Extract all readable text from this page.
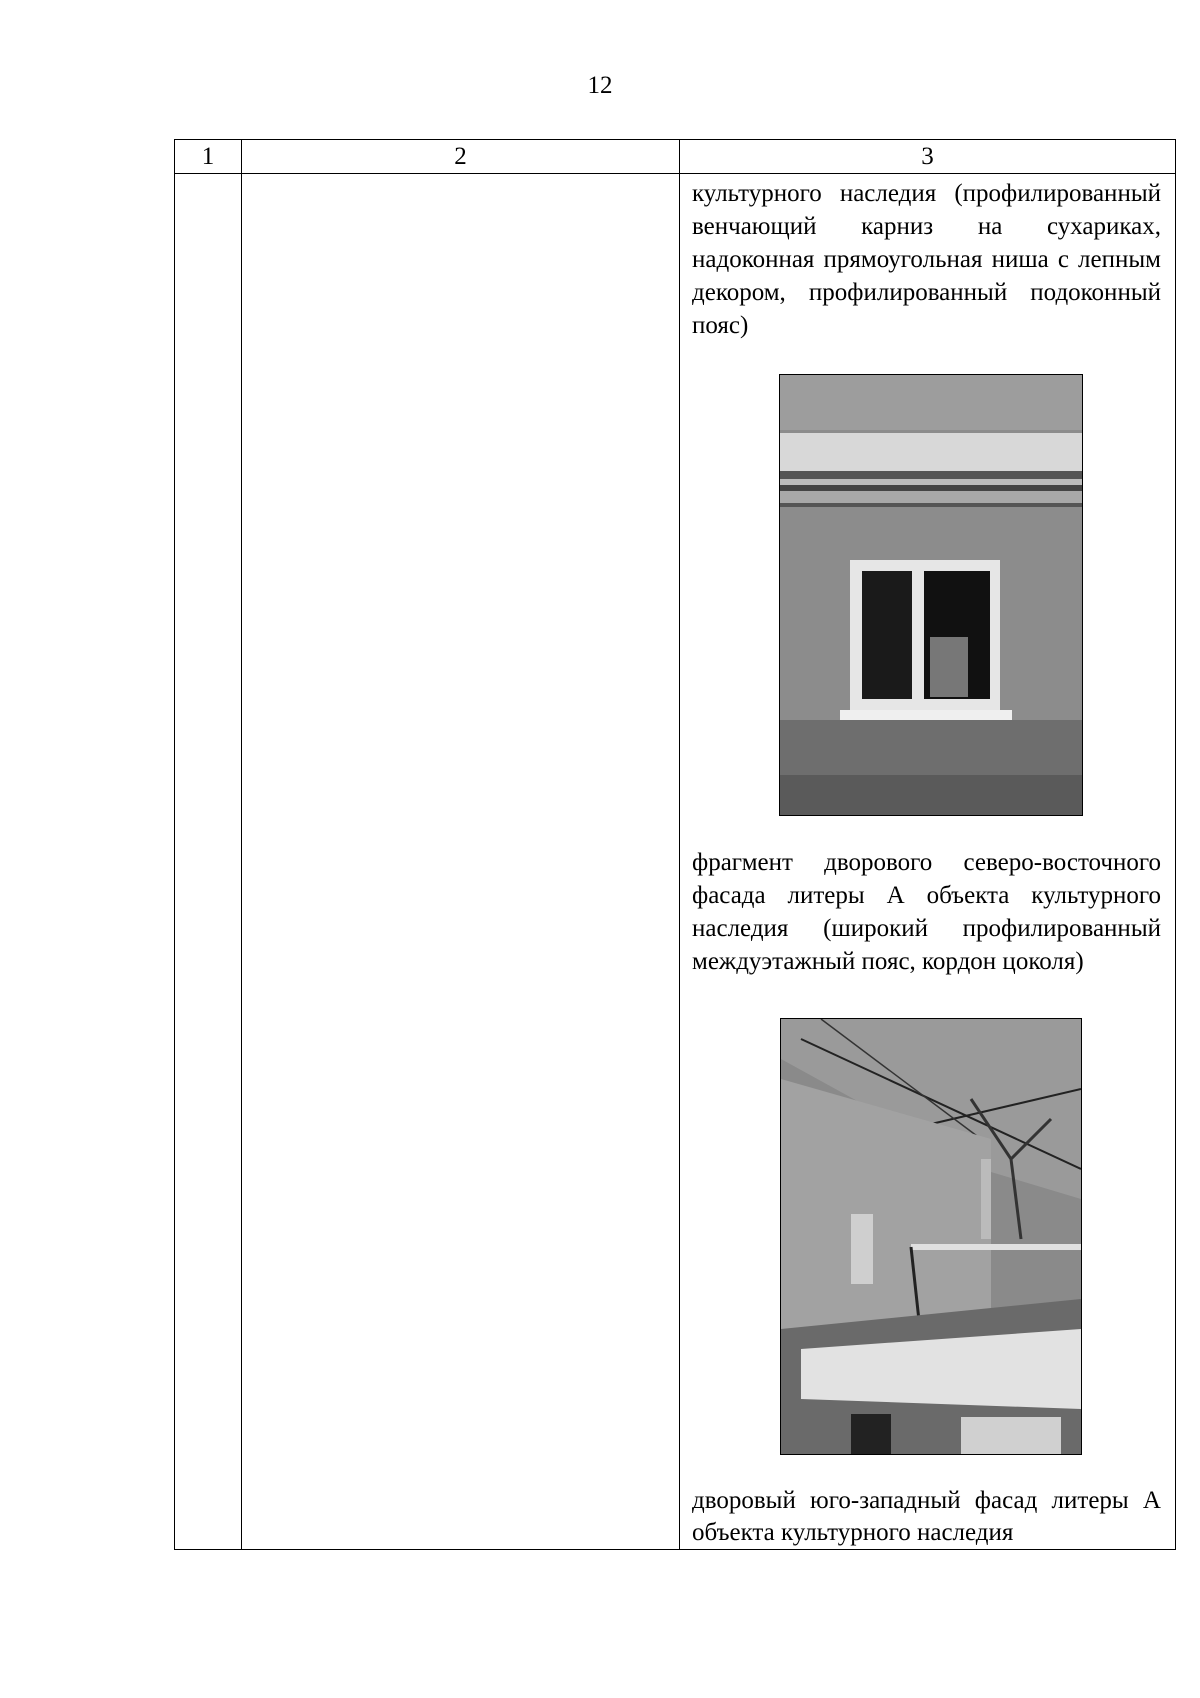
12
1	2	3

		культурного наследия (профилированный венчающий карниз на сухариках, надоконная прямоугольная ниша с лепным декором, профилированный подоконный пояс)

фрагмент дворового северо-восточного фасада литеры А объекта культурного наследия (широкий профилированный междуэтажный пояс, кордон цоколя)

дворовый юго-западный фасад литеры А объекта культурного наследия
